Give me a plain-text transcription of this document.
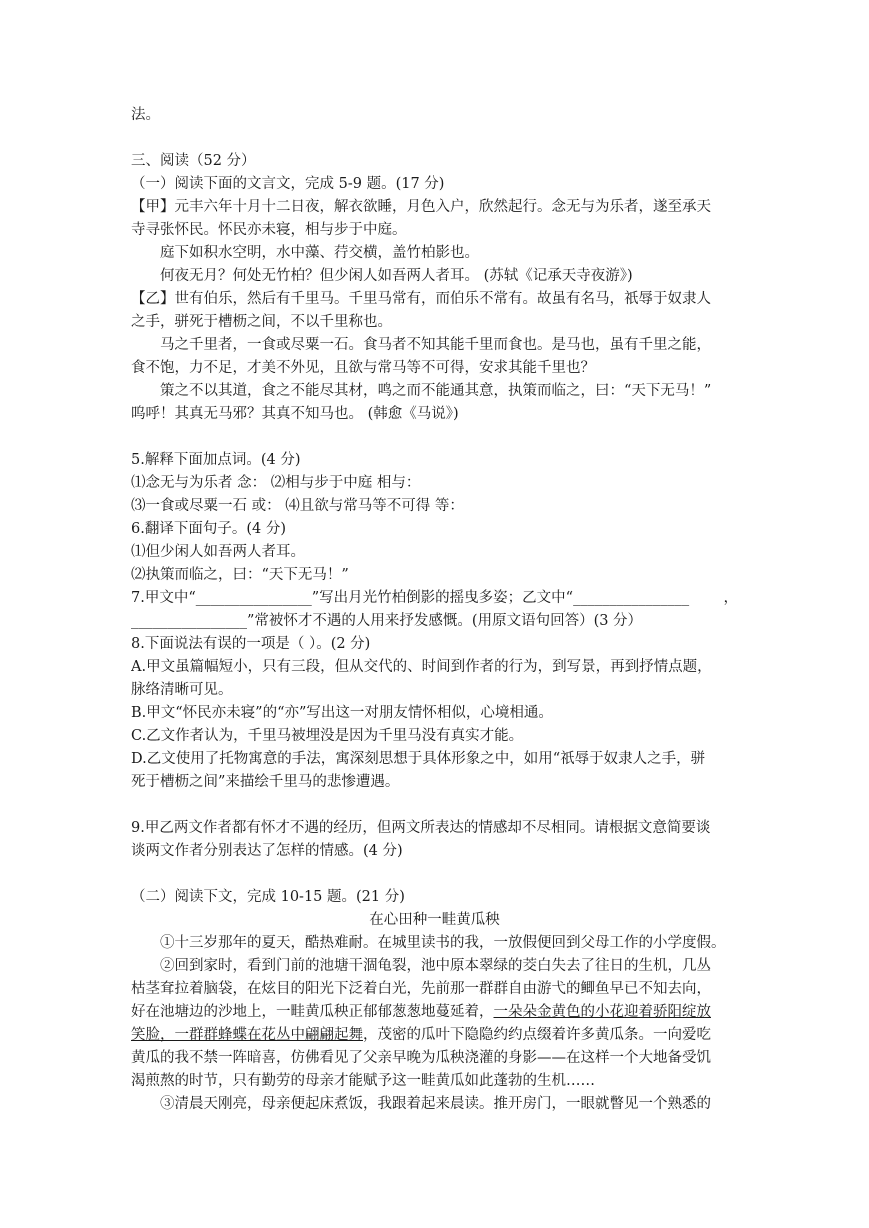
法。

三、阅读（52 分）

（一）阅读下面的文言文，完成 5-9 题。(17 分)

【甲】元丰六年十月十二日夜，解衣欲睡，月色入户，欣然起行。念无与为乐者，遂至承天

寺寻张怀民。怀民亦未寝，相与步于中庭。

庭下如积水空明，水中藻、荇交横，盖竹柏影也。

何夜无月？何处无竹柏？但少闲人如吾两人者耳。 (苏轼《记承天寺夜游》)

【乙】世有伯乐，然后有千里马。千里马常有，而伯乐不常有。故虽有名马，祇辱于奴隶人

之手，骈死于槽枥之间，不以千里称也。

马之千里者，一食或尽粟一石。食马者不知其能千里而食也。是马也，虽有千里之能，

食不饱，力不足，才美不外见，且欲与常马等不可得，安求其能千里也？

策之不以其道，食之不能尽其材，鸣之而不能通其意，执策而临之，曰：“天下无马！”

呜呼！其真无马邪？其真不知马也。 (韩愈《马说》)

5.解释下面加点词。(4 分)

⑴念无与为乐者 念： ⑵相与步于中庭 相与：

⑶一食或尽粟一石 或： ⑷且欲与常马等不可得 等：

6.翻译下面句子。(4 分)

⑴但少闲人如吾两人者耳。

⑵执策而临之，曰：“天下无马！”

7.甲文中“________________”写出月光竹柏倒影的摇曳多姿；乙文中“________________ ，

________________”常被怀才不遇的人用来抒发感慨。(用原文语句回答）(3 分）

8.下面说法有误的一项是（ ）。(2 分)

A.甲文虽篇幅短小，只有三段，但从交代的、时间到作者的行为，到写景，再到抒情点题，

脉络清晰可见。

B.甲文“怀民亦未寝”的“亦”写出这一对朋友情怀相似，心境相通。

C.乙文作者认为，千里马被埋没是因为千里马没有真实才能。

D.乙文使用了托物寓意的手法，寓深刻思想于具体形象之中，如用“祇辱于奴隶人之手，骈

死于槽枥之间”来描绘千里马的悲惨遭遇。

9.甲乙两文作者都有怀才不遇的经历，但两文所表达的情感却不尽相同。请根据文意简要谈

谈两文作者分别表达了怎样的情感。(4 分)

（二）阅读下文，完成 10-15 题。(21 分)

在心田种一畦黄瓜秧

①十三岁那年的夏天，酷热难耐。在城里读书的我，一放假便回到父母工作的小学度假。

②回到家时，看到门前的池塘干涸龟裂，池中原本翠绿的茭白失去了往日的生机，几丛

枯茎耷拉着脑袋，在炫目的阳光下泛着白光，先前那一群群自由游弋的鲫鱼早已不知去向，

好在池塘边的沙地上，一畦黄瓜秧正郁郁葱葱地蔓延着，一朵朵金黄色的小花迎着骄阳绽放

笑脸，一群群蜂蝶在花丛中翩翩起舞，茂密的瓜叶下隐隐约约点缀着许多黄瓜条。一向爱吃

黄瓜的我不禁一阵暗喜，仿佛看见了父亲早晚为瓜秧浇灌的身影——在这样一个大地备受饥

渴煎熬的时节，只有勤劳的母亲才能赋予这一畦黄瓜如此蓬勃的生机……

③清晨天刚亮，母亲便起床煮饭，我跟着起来晨读。推开房门，一眼就瞥见一个熟悉的
